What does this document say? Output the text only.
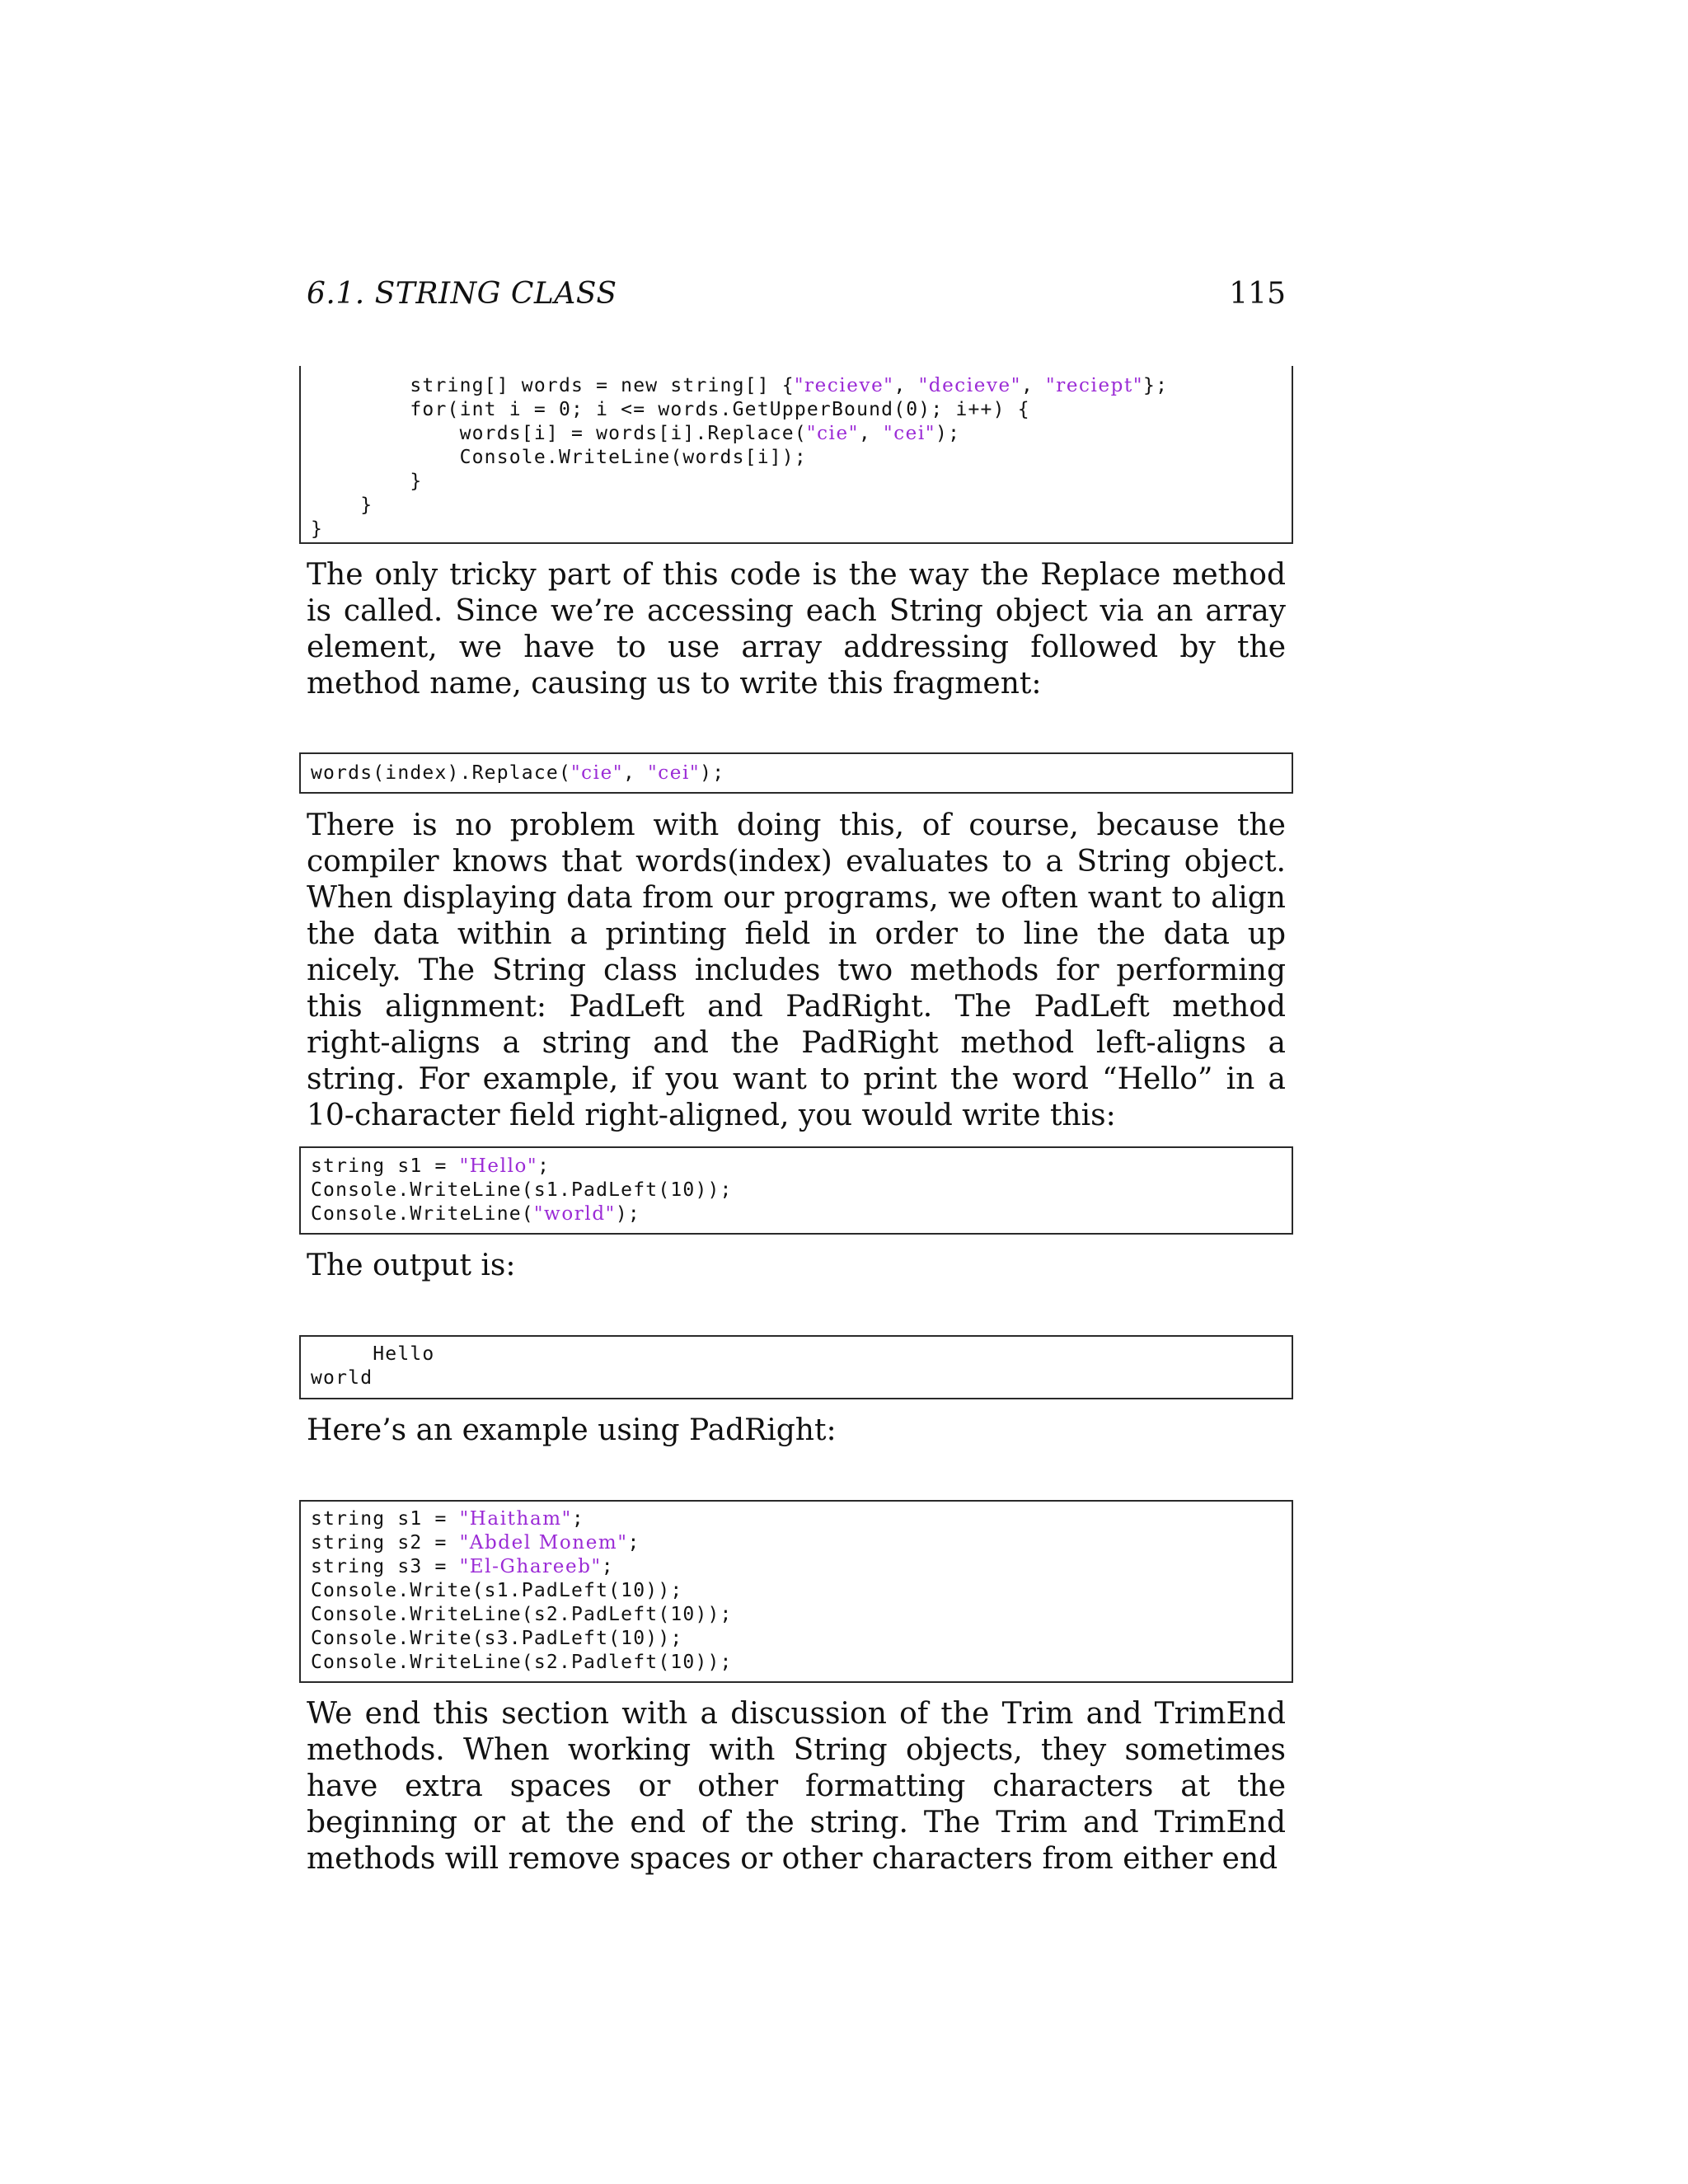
6.1. STRING CLASS	115
string[] words = new string[] {"recieve", "decieve", "reciept"};
for(int i = 0; i <= words.GetUpperBound(0); i++) {
words[i] = words[i].Replace("cie", "cei");
Console.WriteLine(words[i]);
}
}
}

The only tricky part of this code is the way the Replace method is called. Since we’re accessing each String object via an array element, we have to use array addressing followed by the method name, causing us to write this fragment:

words(index).Replace("cie", "cei");

There is no problem with doing this, of course, because the compiler knows that words(index) evaluates to a String object. When displaying data from our programs, we often want to align the data within a printing field in order to line the data up nicely. The String class includes two methods for performing this alignment: PadLeft and PadRight. The PadLeft method right-aligns a string and the PadRight method left-aligns a string. For example, if you want to print the word “Hello” in a 10-character field right-aligned, you would write this:

string s1 = "Hello";
Console.WriteLine(s1.PadLeft(10));
Console.WriteLine("world");

The output is:

Hello
world

Here’s an example using PadRight:

string s1 = "Haitham";
string s2 = "Abdel Monem";
string s3 = "El-Ghareeb";
Console.Write(s1.PadLeft(10));
Console.WriteLine(s2.PadLeft(10));
Console.Write(s3.PadLeft(10));
Console.WriteLine(s2.Padleft(10));

We end this section with a discussion of the Trim and TrimEnd methods. When working with String objects, they sometimes have extra spaces or other formatting characters at the beginning or at the end of the string. The Trim and TrimEnd methods will remove spaces or other characters from either end
